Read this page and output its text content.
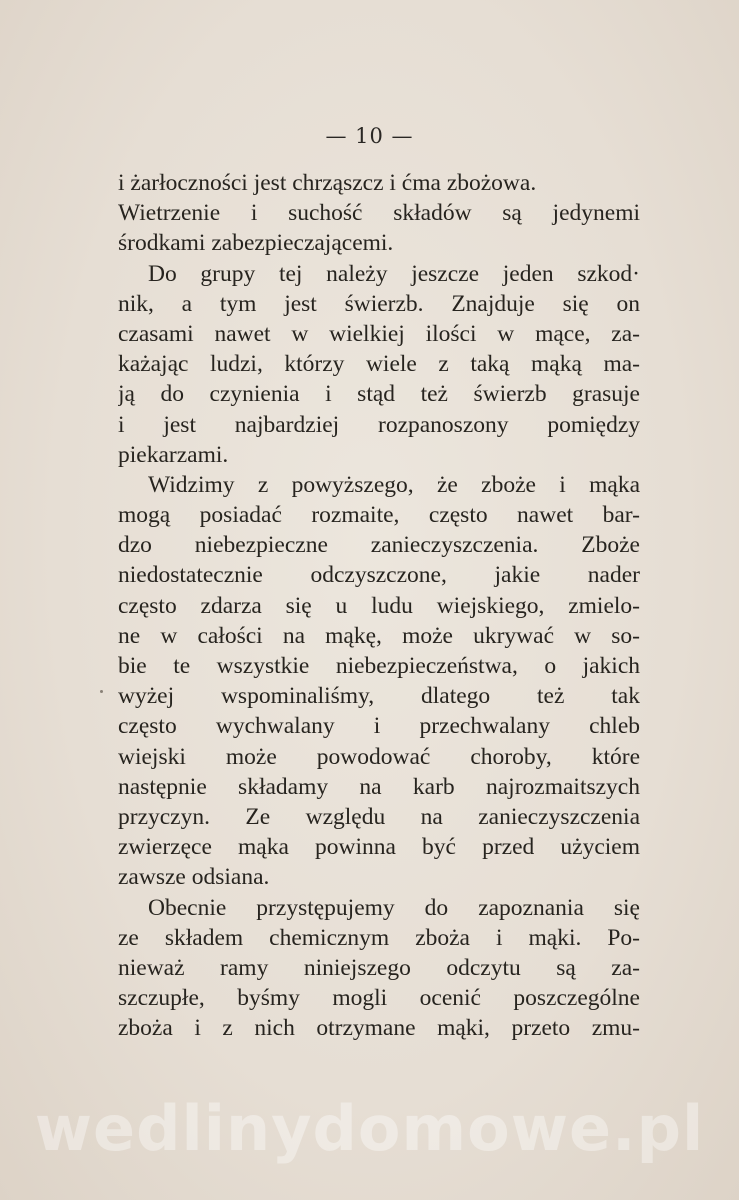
— 10 —
i żarłoczności jest chrząszcz i ćma zbożowa.
Wietrzenie i suchość składów są jedynemi
środkami zabezpieczającemi.
Do grupy tej należy jeszcze jeden szkod·
nik, a tym jest świerzb. Znajduje się on
czasami nawet w wielkiej ilości w mące, za-
każając ludzi, którzy wiele z taką mąką ma-
ją do czynienia i stąd też świerzb grasuje
i jest najbardziej rozpanoszony pomiędzy
piekarzami.
Widzimy z powyższego, że zboże i mąka
mogą posiadać rozmaite, często nawet bar-
dzo niebezpieczne zanieczyszczenia. Zboże
niedostatecznie odczyszczone, jakie nader
często zdarza się u ludu wiejskiego, zmielo-
ne w całości na mąkę, może ukrywać w so-
bie te wszystkie niebezpieczeństwa, o jakich
wyżej wspominaliśmy, dlatego też tak
często wychwalany i przechwalany chleb
wiejski może powodować choroby, które
następnie składamy na karb najrozmaitszych
przyczyn. Ze względu na zanieczyszczenia
zwierzęce mąka powinna być przed użyciem
zawsze odsiana.
Obecnie przystępujemy do zapoznania się
ze składem chemicznym zboża i mąki. Po-
nieważ ramy niniejszego odczytu są za-
szczupłe, byśmy mogli ocenić poszczególne
zboża i z nich otrzymane mąki, przeto zmu-
wedlinydomowe.pl
